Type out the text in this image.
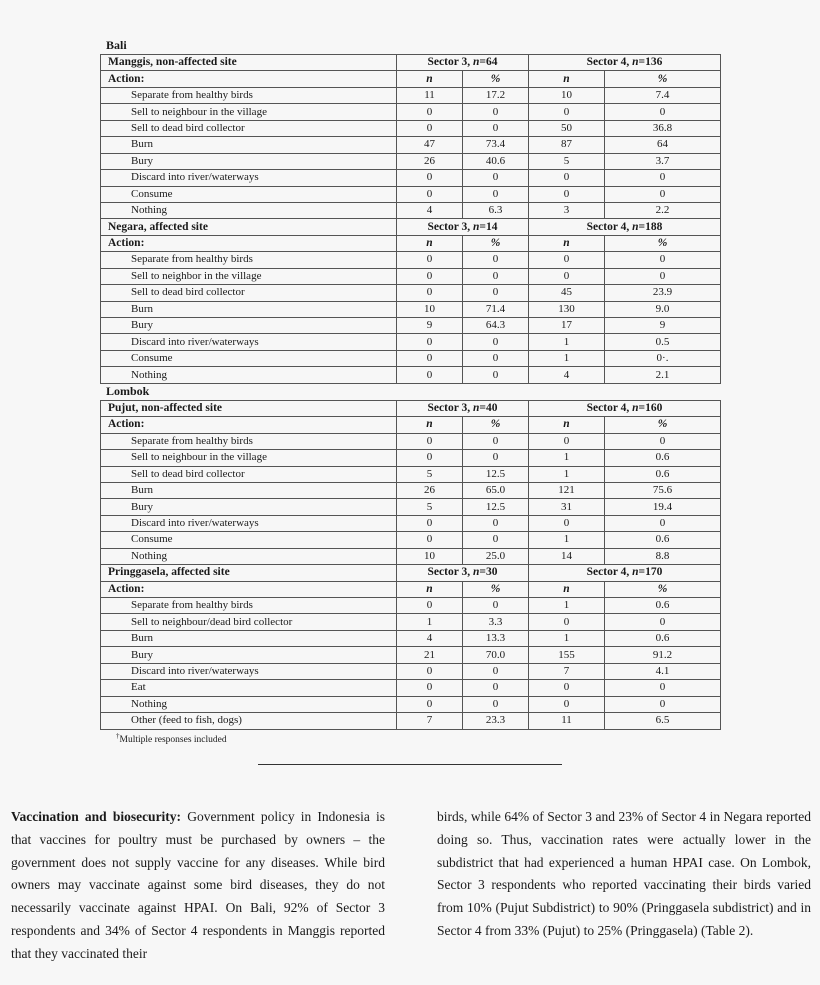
Bali
Manggis, non-affected site	Sector 3, n=64		Sector 4, n=136	
Action:	n	%	n	%
Separate from healthy birds	11	17.2	10	7.4
Sell to neighbour in the village	0	0	0	0
Sell to dead bird collector	0	0	50	36.8
Burn	47	73.4	87	64
Bury	26	40.6	5	3.7
Discard into river/waterways	0	0	0	0
Consume	0	0	0	0
Nothing	4	6.3	3	2.2
Negara, affected site	Sector 3, n=14		Sector 4, n=188	
Action:	n	%	n	%
Separate from healthy birds	0	0	0	0
Sell to neighbor in the village	0	0	0	0
Sell to dead bird collector	0	0	45	23.9
Burn	10	71.4	130	9.0
Bury	9	64.3	17	9
Discard into river/waterways	0	0	1	0.5
Consume	0	0	1	0·.
Nothing	0	0	4	2.1
Lombok
Pujut, non-affected site	Sector 3, n=40		Sector 4, n=160	
Action:	n	%	n	%
Separate from healthy birds	0	0	0	0
Sell to neighbour in the village	0	0	1	0.6
Sell to dead bird collector	5	12.5	1	0.6
Burn	26	65.0	121	75.6
Bury	5	12.5	31	19.4
Discard into river/waterways	0	0	0	0
Consume	0	0	1	0.6
Nothing	10	25.0	14	8.8
Pringgasela, affected site	Sector 3, n=30		Sector 4, n=170	
Action:	n	%	n	%
Separate from healthy birds	0	0	1	0.6
Sell to neighbour/dead bird collector	1	3.3	0	0
Burn	4	13.3	1	0.6
Bury	21	70.0	155	91.2
Discard into river/waterways	0	0	7	4.1
Eat	0	0	0	0
Nothing	0	0	0	0
Other (feed to fish, dogs)	7	23.3	11	6.5
†Multiple responses included
Vaccination and biosecurity: Government policy in Indonesia is that vaccines for poultry must be purchased by owners – the government does not supply vaccine for any diseases. While bird owners may vaccinate against some bird diseases, they do not necessarily vaccinate against HPAI. On Bali, 92% of Sector 3 respondents and 34% of Sector 4 respondents in Manggis reported that they vaccinated their
birds, while 64% of Sector 3 and 23% of Sector 4 in Negara reported doing so. Thus, vaccination rates were actually lower in the subdistrict that had experienced a human HPAI case. On Lombok, Sector 3 respondents who reported vaccinating their birds varied from 10% (Pujut Subdistrict) to 90% (Pringgasela subdistrict) and in Sector 4 from 33% (Pujut) to 25% (Pringgasela) (Table 2).
